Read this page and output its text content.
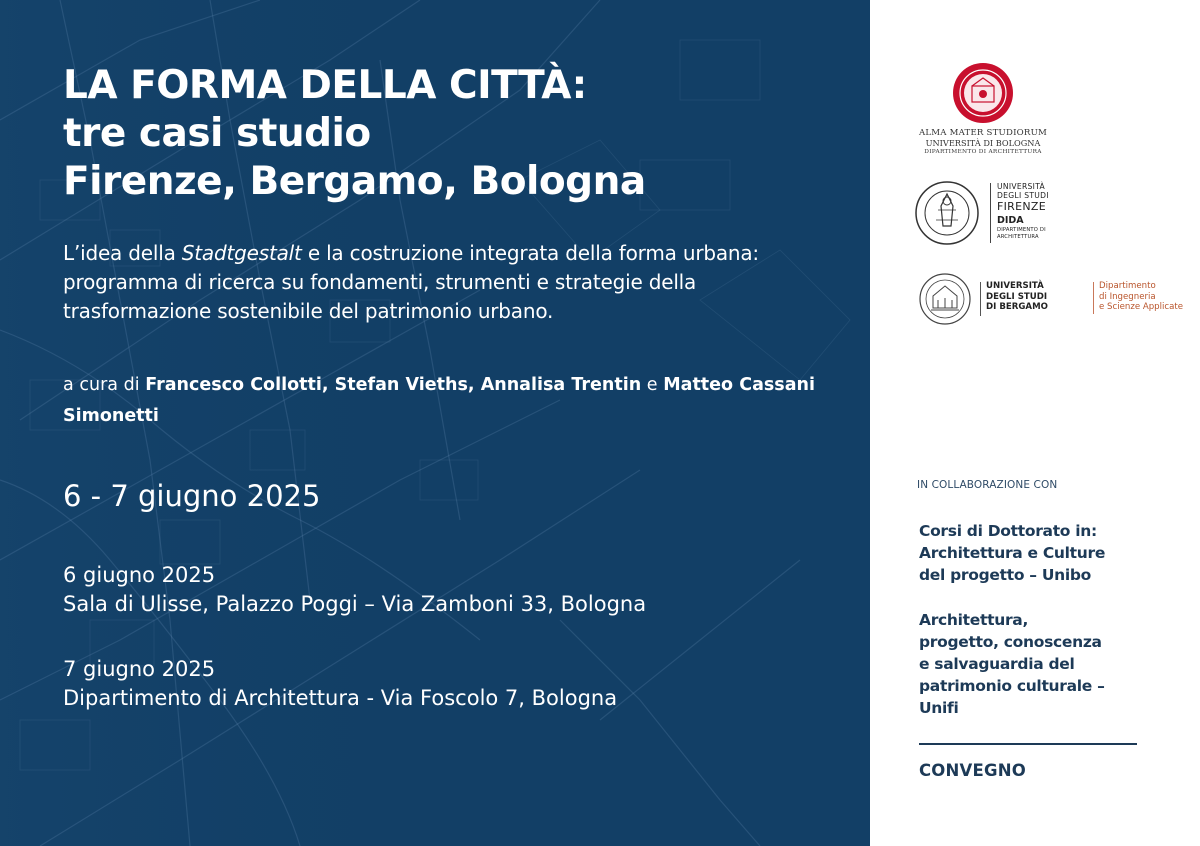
LA FORMA DELLA CITTÀ:
tre casi studio
Firenze, Bergamo, Bologna
L’idea della Stadtgestalt e la costruzione integrata della forma urbana: programma di ricerca su fondamenti, strumenti e strategie della trasformazione sostenibile del patrimonio urbano.
a cura di Francesco Collotti, Stefan Vieths, Annalisa Trentin e Matteo Cassani Simonetti
6 - 7 giugno 2025
6 giugno 2025
Sala di Ulisse, Palazzo Poggi – Via Zamboni 33, Bologna
7 giugno 2025
Dipartimento di Architettura - Via Foscolo 7, Bologna
ALMA MATER STUDIORUM
UNIVERSITÀ DI BOLOGNA
DIPARTIMENTO DI ARCHITETTURA
UNIVERSITÀ
DEGLI STUDI
FIRENZE
DIDA
DIPARTIMENTO DI
ARCHITETTURA
UNIVERSITÀ
DEGLI STUDI
DI BERGAMO
Dipartimento
di Ingegneria
e Scienze Applicate
IN COLLABORAZIONE CON
Corsi di Dottorato in:
Architettura e Culture
del progetto – Unibo
Architettura,
progetto, conoscenza
e salvaguardia del
patrimonio culturale –
Unifi
CONVEGNO
